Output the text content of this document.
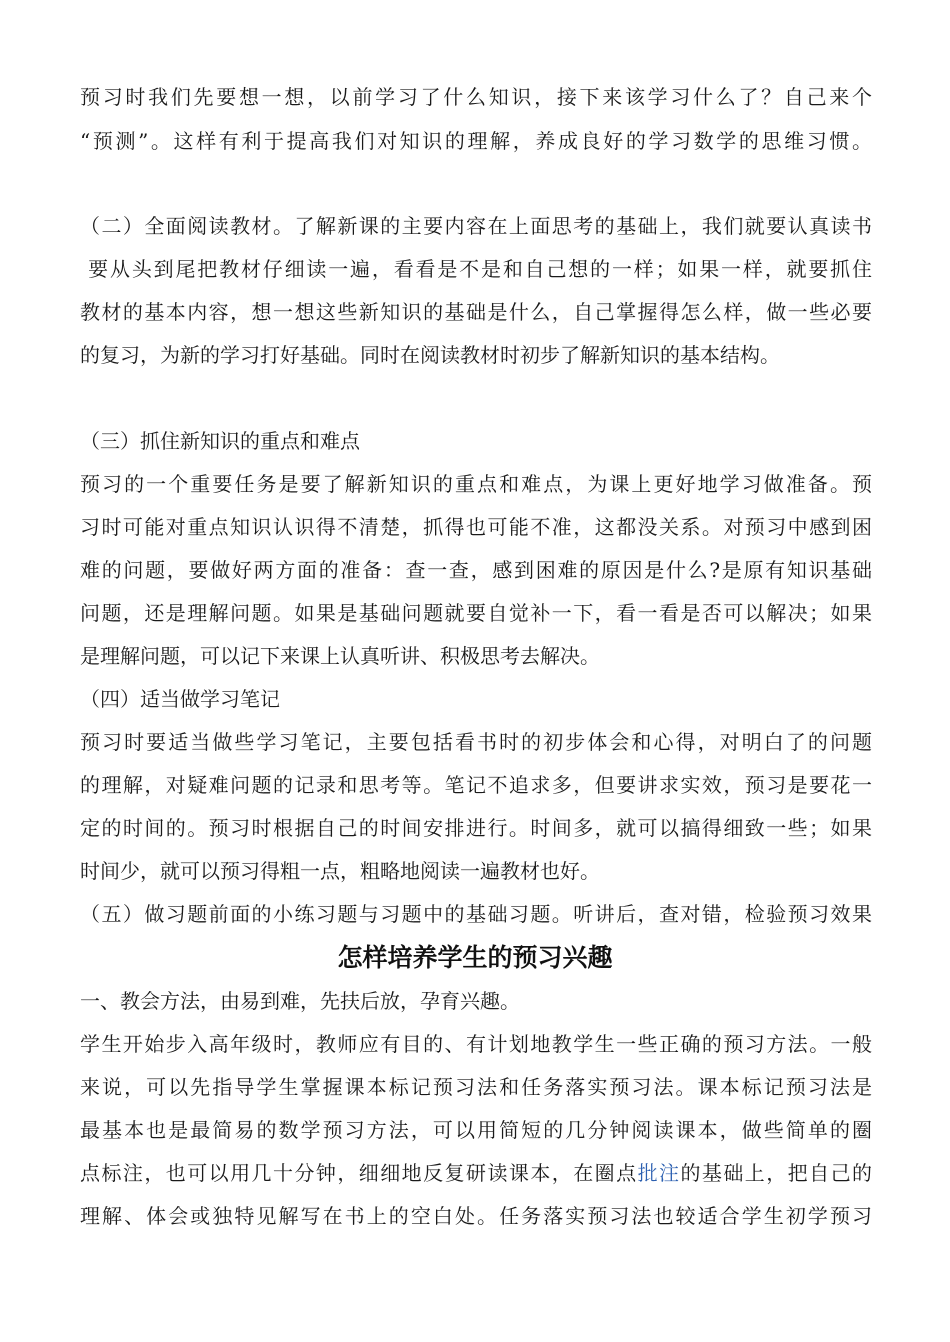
预习时我们先要想一想，以前学习了什么知识，接下来该学习什么了？自己来个
“预测”。这样有利于提高我们对知识的理解，养成良好的学习数学的思维习惯。
（二）全面阅读教材。了解新课的主要内容在上面思考的基础上，我们就要认真读书
要从头到尾把教材仔细读一遍，看看是不是和自己想的一样；如果一样，就要抓住
教材的基本内容，想一想这些新知识的基础是什么，自己掌握得怎么样，做一些必要
的复习，为新的学习打好基础。同时在阅读教材时初步了解新知识的基本结构。
（三）抓住新知识的重点和难点
预习的一个重要任务是要了解新知识的重点和难点，为课上更好地学习做准备。预
习时可能对重点知识认识得不清楚，抓得也可能不准，这都没关系。对预习中感到困
难的问题，要做好两方面的准备：查一查，感到困难的原因是什么?是原有知识基础
问题，还是理解问题。如果是基础问题就要自觉补一下，看一看是否可以解决；如果
是理解问题，可以记下来课上认真听讲、积极思考去解决。
（四）适当做学习笔记
预习时要适当做些学习笔记，主要包括看书时的初步体会和心得，对明白了的问题
的理解，对疑难问题的记录和思考等。笔记不追求多，但要讲求实效，预习是要花一
定的时间的。预习时根据自己的时间安排进行。时间多，就可以搞得细致一些；如果
时间少，就可以预习得粗一点，粗略地阅读一遍教材也好。
（五）做习题前面的小练习题与习题中的基础习题。听讲后，查对错，检验预习效果
怎样培养学生的预习兴趣
一、教会方法，由易到难，先扶后放，孕育兴趣。
学生开始步入高年级时，教师应有目的、有计划地教学生一些正确的预习方法。一般
来说，可以先指导学生掌握课本标记预习法和任务落实预习法。课本标记预习法是
最基本也是最简易的数学预习方法，可以用简短的几分钟阅读课本，做些简单的圈
点标注，也可以用几十分钟，细细地反复研读课本，在圈点批注的基础上，把自己的
理解、体会或独特见解写在书上的空白处。任务落实预习法也较适合学生初学预习
